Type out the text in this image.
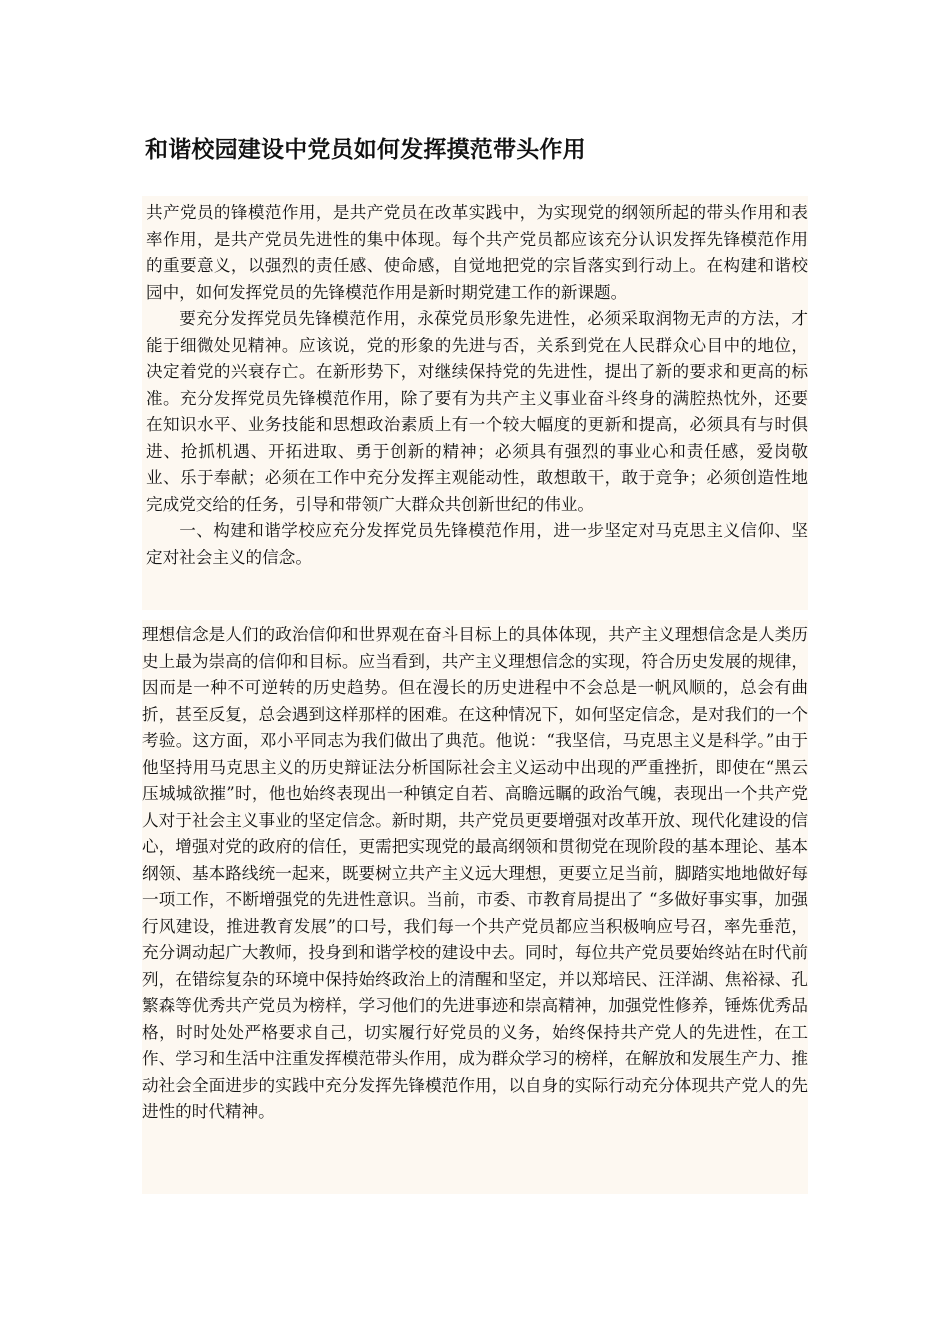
和谐校园建设中党员如何发挥摸范带头作用

共产党员的锋模范作用，是共产党员在改革实践中，为实现党的纲领所起的带头作用和表率作用，是共产党员先进性的集中体现。每个共产党员都应该充分认识发挥先锋模范作用的重要意义，以强烈的责任感、使命感，自觉地把党的宗旨落实到行动上。在构建和谐校园中，如何发挥党员的先锋模范作用是新时期党建工作的新课题。

要充分发挥党员先锋模范作用，永葆党员形象先进性，必须采取润物无声的方法，才能于细微处见精神。应该说，党的形象的先进与否，关系到党在人民群众心目中的地位，决定着党的兴衰存亡。在新形势下，对继续保持党的先进性，提出了新的要求和更高的标准。充分发挥党员先锋模范作用，除了要有为共产主义事业奋斗终身的满腔热忱外，还要在知识水平、业务技能和思想政治素质上有一个较大幅度的更新和提高，必须具有与时俱进、抢抓机遇、开拓进取、勇于创新的精神；必须具有强烈的事业心和责任感，爱岗敬业、乐于奉献；必须在工作中充分发挥主观能动性，敢想敢干，敢于竞争；必须创造性地完成党交给的任务，引导和带领广大群众共创新世纪的伟业。

一、构建和谐学校应充分发挥党员先锋模范作用，进一步坚定对马克思主义信仰、坚定对社会主义的信念。

理想信念是人们的政治信仰和世界观在奋斗目标上的具体体现，共产主义理想信念是人类历史上最为崇高的信仰和目标。应当看到，共产主义理想信念的实现，符合历史发展的规律，因而是一种不可逆转的历史趋势。但在漫长的历史进程中不会总是一帆风顺的，总会有曲折，甚至反复，总会遇到这样那样的困难。在这种情况下，如何坚定信念，是对我们的一个考验。这方面，邓小平同志为我们做出了典范。他说：“我坚信，马克思主义是科学。”由于他坚持用马克思主义的历史辩证法分析国际社会主义运动中出现的严重挫折，即使在“黑云压城城欲摧”时，他也始终表现出一种镇定自若、高瞻远瞩的政治气魄，表现出一个共产党人对于社会主义事业的坚定信念。新时期，共产党员更要增强对改革开放、现代化建设的信心，增强对党的政府的信任，更需把实现党的最高纲领和贯彻党在现阶段的基本理论、基本纲领、基本路线统一起来，既要树立共产主义远大理想，更要立足当前，脚踏实地地做好每一项工作，不断增强党的先进性意识。当前，市委、市教育局提出了 “多做好事实事，加强行风建设，推进教育发展”的口号，我们每一个共产党员都应当积极响应号召，率先垂范，充分调动起广大教师，投身到和谐学校的建设中去。同时，每位共产党员要始终站在时代前列，在错综复杂的环境中保持始终政治上的清醒和坚定，并以郑培民、汪洋湖、焦裕禄、孔繁森等优秀共产党员为榜样，学习他们的先进事迹和崇高精神，加强党性修养，锤炼优秀品格，时时处处严格要求自己，切实履行好党员的义务，始终保持共产党人的先进性，在工作、学习和生活中注重发挥模范带头作用，成为群众学习的榜样，在解放和发展生产力、推动社会全面进步的实践中充分发挥先锋模范作用，以自身的实际行动充分体现共产党人的先进性的时代精神。
